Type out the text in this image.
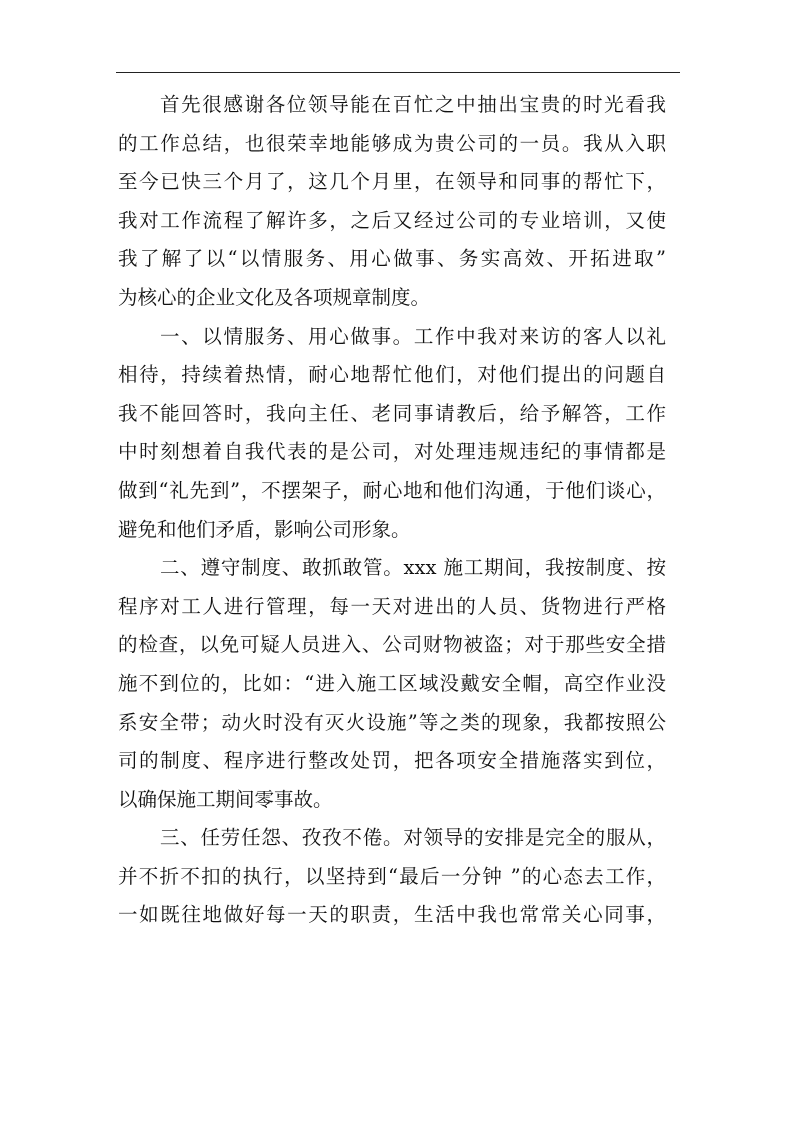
首先很感谢各位领导能在百忙之中抽出宝贵的时光看我
的工作总结，也很荣幸地能够成为贵公司的一员。我从入职
至今已快三个月了，这几个月里，在领导和同事的帮忙下，
我对工作流程了解许多，之后又经过公司的专业培训，又使
我了解了以“以情服务、用心做事、务实高效、开拓进取”
为核心的企业文化及各项规章制度。
一、以情服务、用心做事。工作中我对来访的客人以礼
相待，持续着热情，耐心地帮忙他们，对他们提出的问题自
我不能回答时，我向主任、老同事请教后，给予解答，工作
中时刻想着自我代表的是公司，对处理违规违纪的事情都是
做到“礼先到”，不摆架子，耐心地和他们沟通，于他们谈心，
避免和他们矛盾，影响公司形象。
二、遵守制度、敢抓敢管。xxx 施工期间，我按制度、按
程序对工人进行管理，每一天对进出的人员、货物进行严格
的检查，以免可疑人员进入、公司财物被盗；对于那些安全措
施不到位的，比如：“进入施工区域没戴安全帽，高空作业没
系安全带；动火时没有灭火设施”等之类的现象，我都按照公
司的制度、程序进行整改处罚，把各项安全措施落实到位，
以确保施工期间零事故。
三、任劳任怨、孜孜不倦。对领导的安排是完全的服从，
并不折不扣的执行，以坚持到“最后一分钟 ”的心态去工作，
一如既往地做好每一天的职责，生活中我也常常关心同事，
